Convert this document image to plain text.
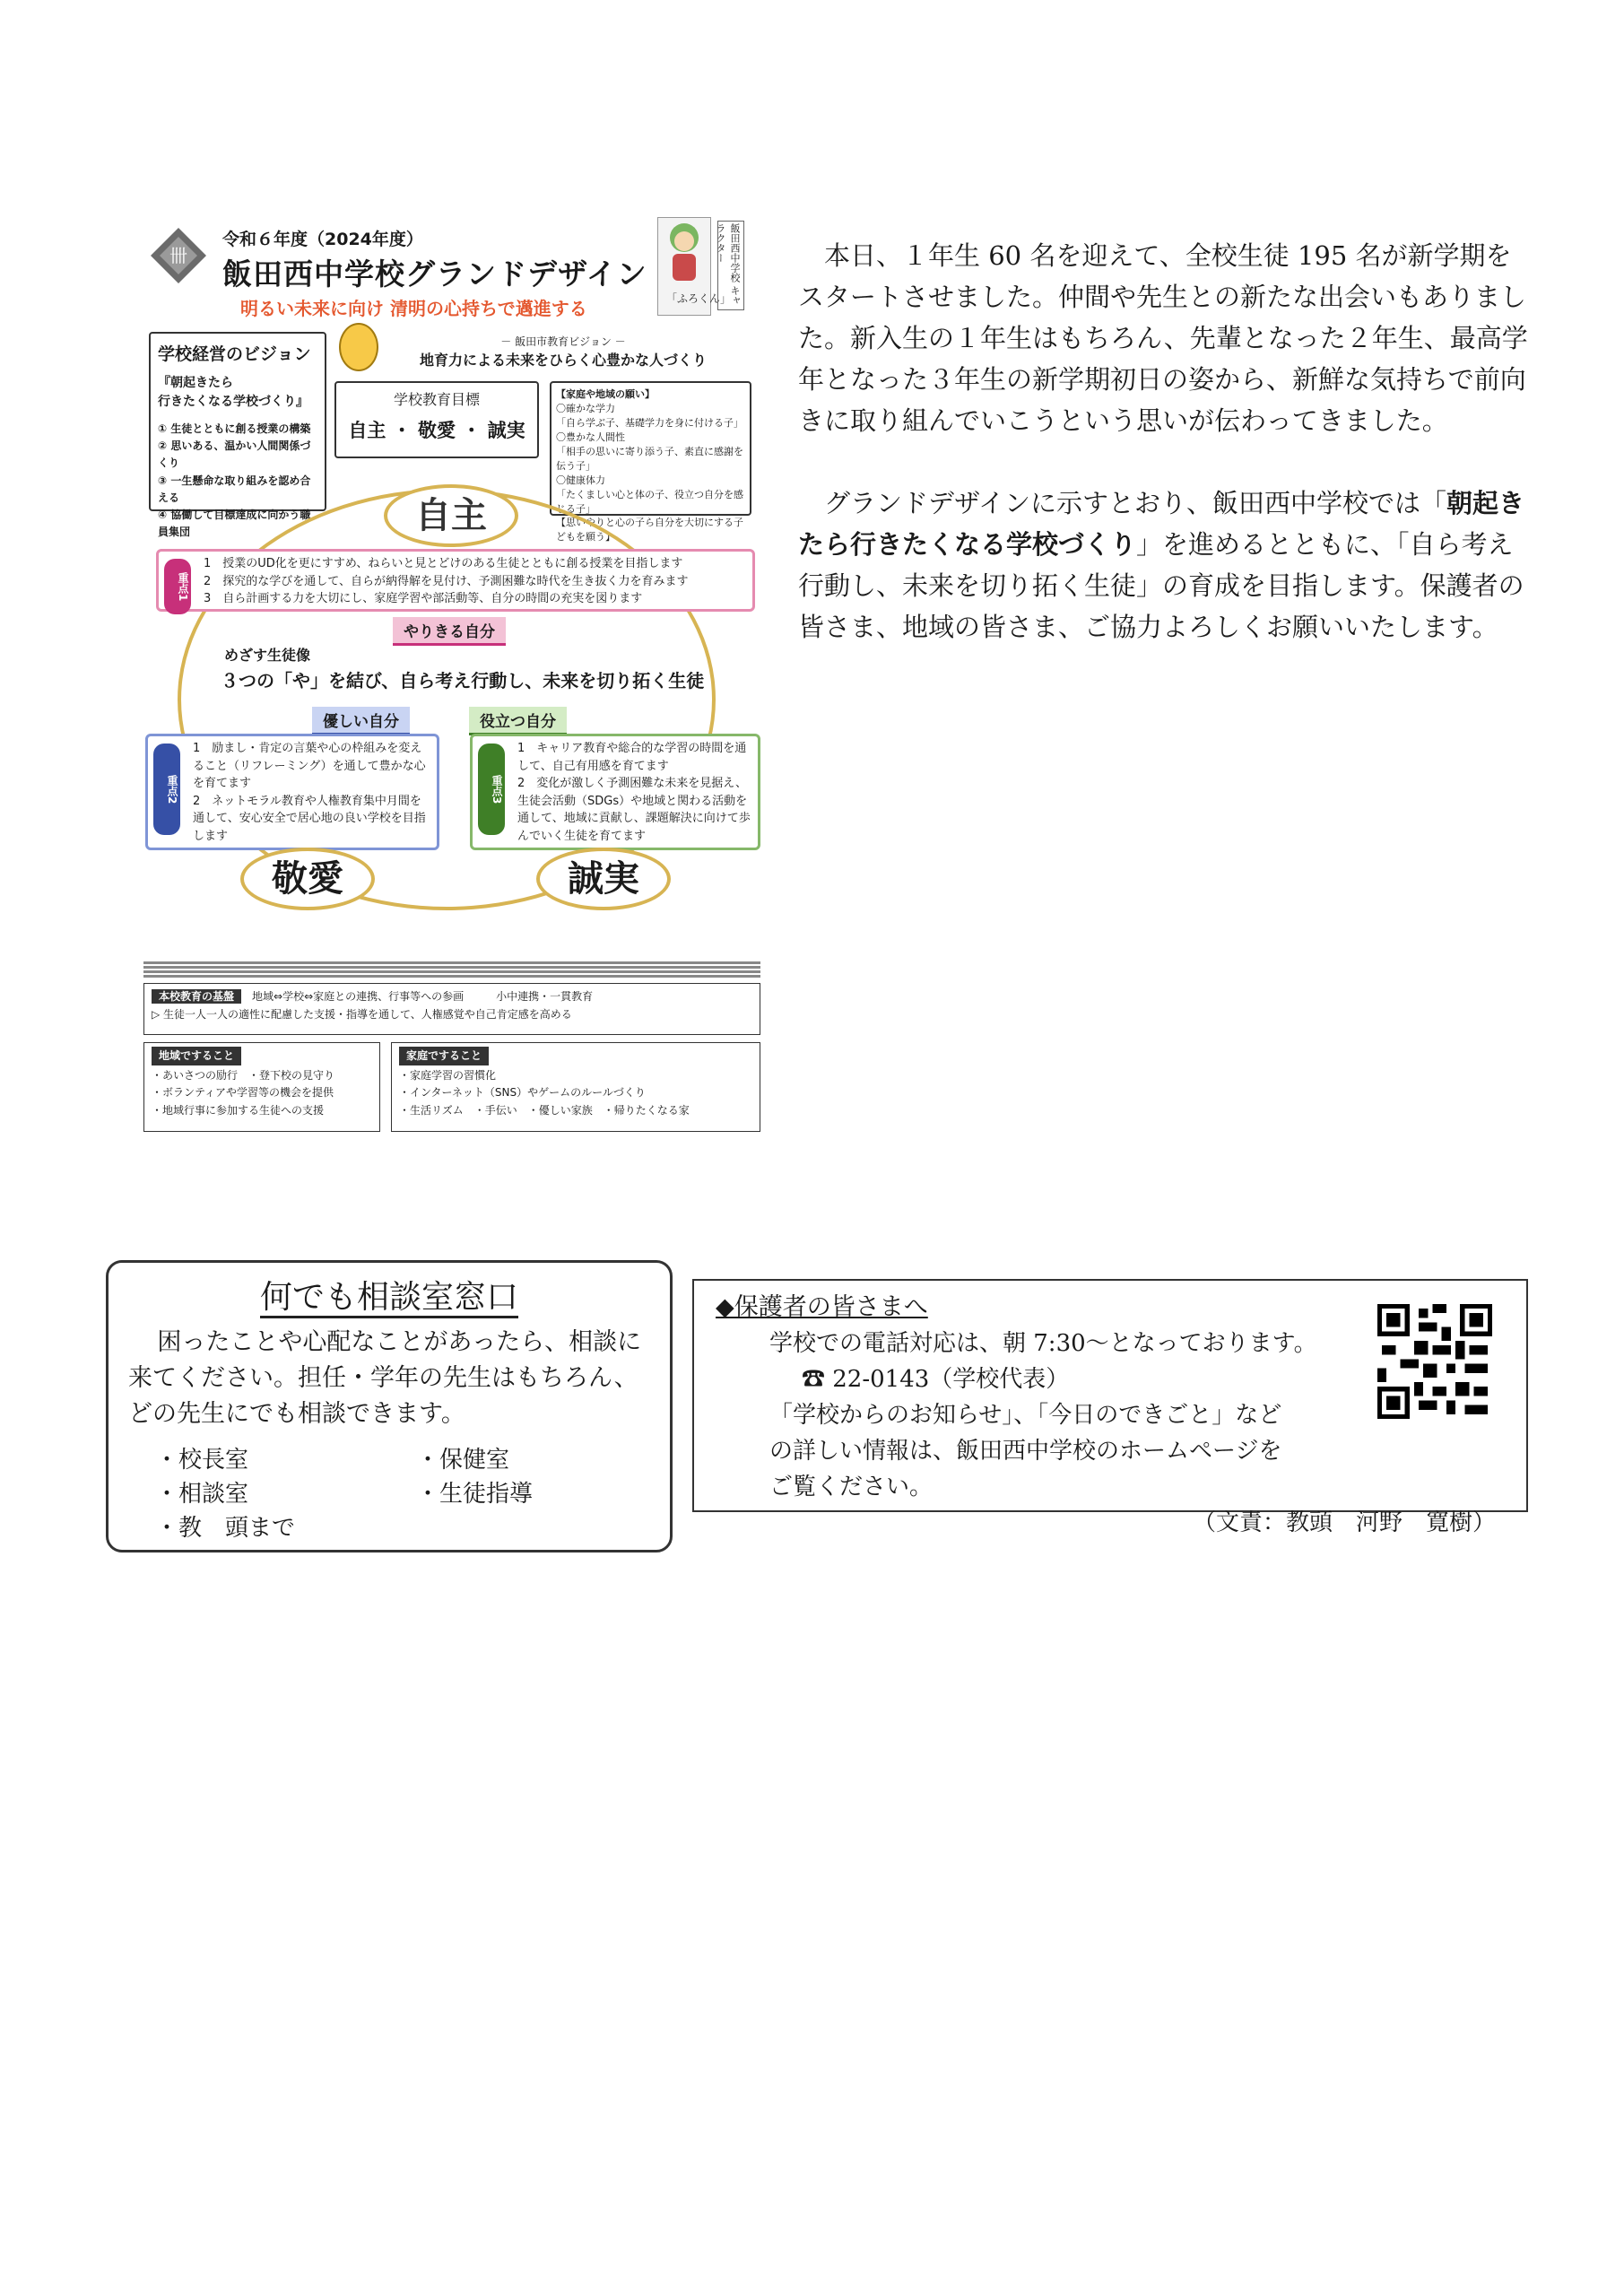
卌
令和６年度（2024年度）
飯田西中学校グランドデザイン
明るい未来に向け 清明の心持ちで邁進する	「ふろくん」
飯田西中学校 キャラクター
学校経営のビジョン
『朝起きたら
行きたくなる学校づくり』
① 生徒とともに創る授業の構築
② 思いある、温かい人間関係づくり
③ 一生懸命な取り組みを認め合える
④ 協働して目標達成に向かう職員集団
－ 飯田市教育ビジョン －
地育力による未来をひらく心豊かな人づくり
学校教育目標
自主 ・ 敬愛 ・ 誠実
【家庭や地域の願い】
〇確かな学力
「自ら学ぶ子、基礎学力を身に付ける子」
〇豊かな人間性
「相手の思いに寄り添う子、素直に感謝を伝う子」
〇健康体力
「たくましい心と体の子、役立つ自分を感じる子」
【思いやりと心の子ら自分を大切にする子どもを願う】
自主
重点1
1　授業のUD化を更にすすめ、ねらいと見とどけのある生徒とともに創る授業を目指します
2　探究的な学びを通して、自らが納得解を見付け、予測困難な時代を生き抜く力を育みます
3　自ら計画する力を大切にし、家庭学習や部活動等、自分の時間の充実を図ります
やりきる自分
めざす生徒像
３つの「や」を結び、自ら考え行動し、未来を切り拓く生徒
優しい自分	役立つ自分
重点2
1　励まし・肯定の言葉や心の枠組みを変えること（リフレーミング）を通して豊かな心を育てます
2　ネットモラル教育や人権教育集中月間を通して、安心安全で居心地の良い学校を目指します
重点3
1　キャリア教育や総合的な学習の時間を通して、自己有用感を育てます
2　変化が激しく予測困難な未来を見据え、生徒会活動（SDGs）や地域と関わる活動を通して、地域に貢献し、課題解決に向けて歩んでいく生徒を育てます
敬愛	誠実
本校教育の基盤 地域⇔学校⇔家庭との連携、行事等への参画　　　小中連携・一貫教育
▷ 生徒一人一人の適性に配慮した支援・指導を通して、人権感覚や自己肯定感を高める
地域ですること
・あいさつの励行　・登下校の見守り
・ボランティアや学習等の機会を提供
・地域行事に参加する生徒への支援
家庭ですること
・家庭学習の習慣化
・インターネット（SNS）やゲームのルールづくり
・生活リズム　・手伝い　・優しい家族　・帰りたくなる家

本日、１年生 60 名を迎えて、全校生徒 195 名が新学期をスタートさせました。仲間や先生との新たな出会いもありました。新入生の１年生はもちろん、先輩となった２年生、最高学年となった３年生の新学期初日の姿から、新鮮な気持ちで前向きに取り組んでいこうという思いが伝わってきました。

グランドデザインに示すとおり、飯田西中学校では「朝起きたら行きたくなる学校づくり」を進めるとともに、「自ら考え行動し、未来を切り拓く生徒」の育成を目指します。保護者の皆さま、地域の皆さま、ご協力よろしくお願いいたします。

何でも相談室窓口

困ったことや心配なことがあったら、相談に来てください。担任・学年の先生はもちろん、どの先生にでも相談できます。

・校長室	・保健室
・相談室	・生徒指導
・教　頭まで
◆保護者の皆さまへ
学校での電話対応は、朝 7:30～となっております。
☎ 22-0143（学校代表）
「学校からのお知らせ」、「今日のできごと」など
の詳しい情報は、飯田西中学校のホームページを
ご覧ください。
（文責：教頭　河野　寛樹）
